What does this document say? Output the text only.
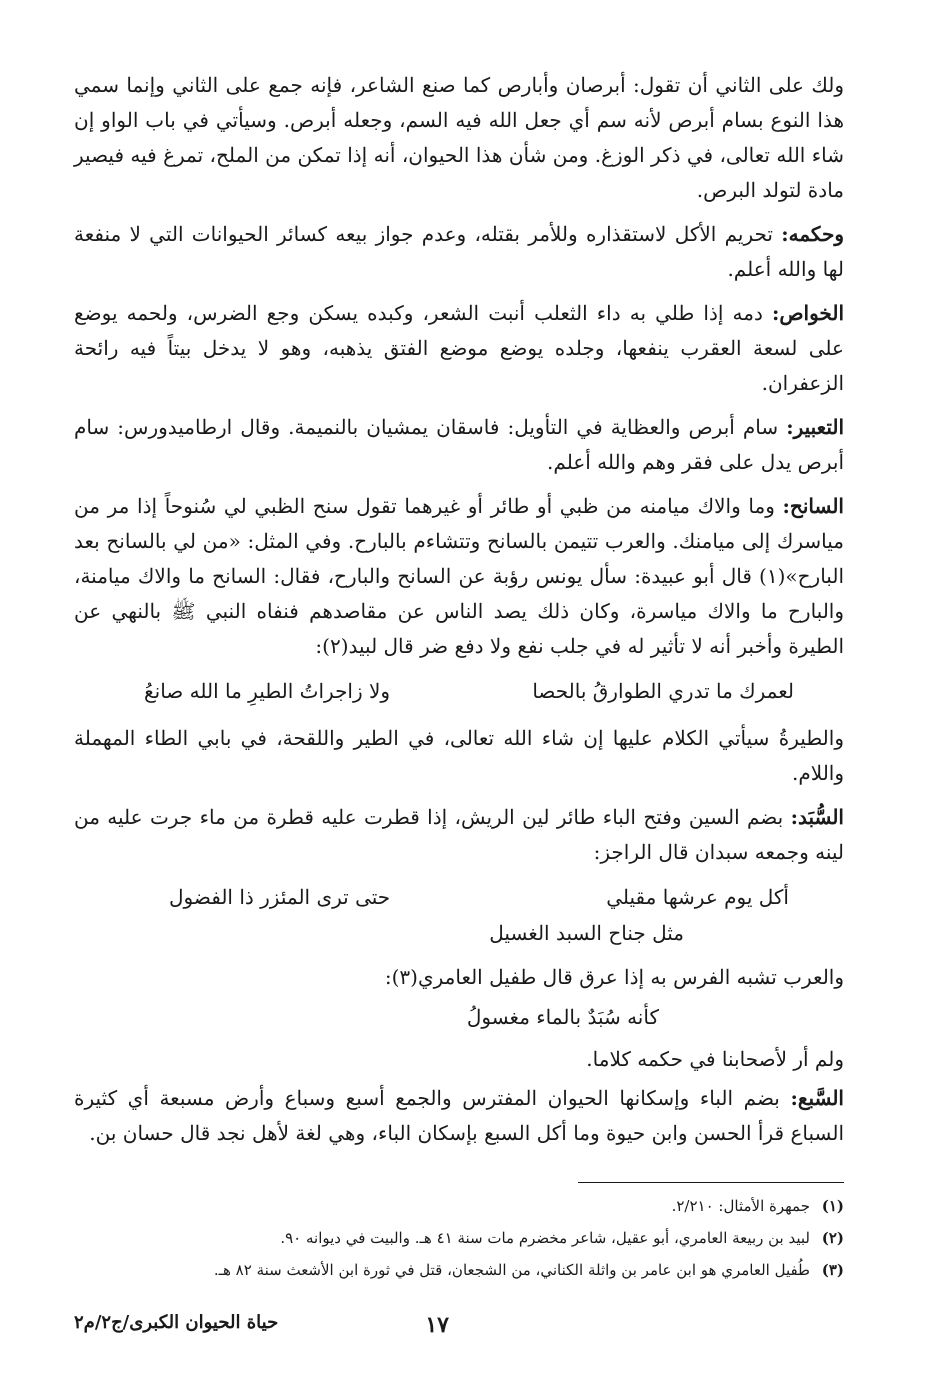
ولك على الثاني أن تقول: أبرصان وأبارص كما صنع الشاعر، فإنه جمع على الثاني وإنما سمي هذا النوع بسام أبرص لأنه سم أي جعل الله فيه السم، وجعله أبرص. وسيأتي في باب الواو إن شاء الله تعالى، في ذكر الوزغ. ومن شأن هذا الحيوان، أنه إذا تمكن من الملح، تمرغ فيه فيصير مادة لتولد البرص.

وحكمه: تحريم الأكل لاستقذاره وللأمر بقتله، وعدم جواز بيعه كسائر الحيوانات التي لا منفعة لها والله أعلم.

الخواص: دمه إذا طلي به داء الثعلب أنبت الشعر، وكبده يسكن وجع الضرس، ولحمه يوضع على لسعة العقرب ينفعها، وجلده يوضع موضع الفتق يذهبه، وهو لا يدخل بيتاً فيه رائحة الزعفران.

التعبير: سام أبرص والعظاية في التأويل: فاسقان يمشيان بالنميمة. وقال ارطاميدورس: سام أبرص يدل على فقر وهم والله أعلم.

السانح: وما والاك ميامنه من ظبي أو طائر أو غيرهما تقول سنح الظبي لي سُنوحاً إذا مر من مياسرك إلى ميامنك. والعرب تتيمن بالسانح وتتشاءم بالبارح. وفي المثل: «من لي بالسانح بعد البارح»(١) قال أبو عبيدة: سأل يونس رؤبة عن السانح والبارح، فقال: السانح ما والاك ميامنة، والبارح ما والاك مياسرة، وكان ذلك يصد الناس عن مقاصدهم فنفاه النبي ﷺ بالنهي عن الطيرة وأخبر أنه لا تأثير له في جلب نفع ولا دفع ضر قال لبيد(٢):

لعمرك ما تدري الطوارقُ بالحصا
ولا زاجراتُ الطيرِ ما الله صانعُ

والطيرةُ سيأتي الكلام عليها إن شاء الله تعالى، في الطير واللقحة، في بابي الطاء المهملة واللام.

السُّبَد: بضم السين وفتح الباء طائر لين الريش، إذا قطرت عليه قطرة من ماء جرت عليه من لينه وجمعه سبدان قال الراجز:

أكل يوم عرشها مقيلي
حتى ترى المئزر ذا الفضول
مثل جناح السبد الغسيل

والعرب تشبه الفرس به إذا عرق قال طفيل العامري(٣):

كأنه سُبَدٌ بالماء مغسولُ

ولم أر لأصحابنا في حكمه كلاما.

السَّبع: بضم الباء وإسكانها الحيوان المفترس والجمع أسبع وسباع وأرض مسبعة أي كثيرة السباع قرأ الحسن وابن حيوة وما أكل السبع بإسكان الباء، وهي لغة لأهل نجد قال حسان بن.

(١)جمهرة الأمثال: ٢/٢١٠.
(٢)لبيد بن ربيعة العامري، أبو عقيل، شاعر مخضرم مات سنة ٤١ هـ. والبيت في ديوانه ٩٠.
(٣)طُفيل العامري هو ابن عامر بن واثلة الكناني، من الشجعان، قتل في ثورة ابن الأشعث سنة ٨٢ هـ.
١٧
حياة الحيوان الكبرى/ج٢/م٢
